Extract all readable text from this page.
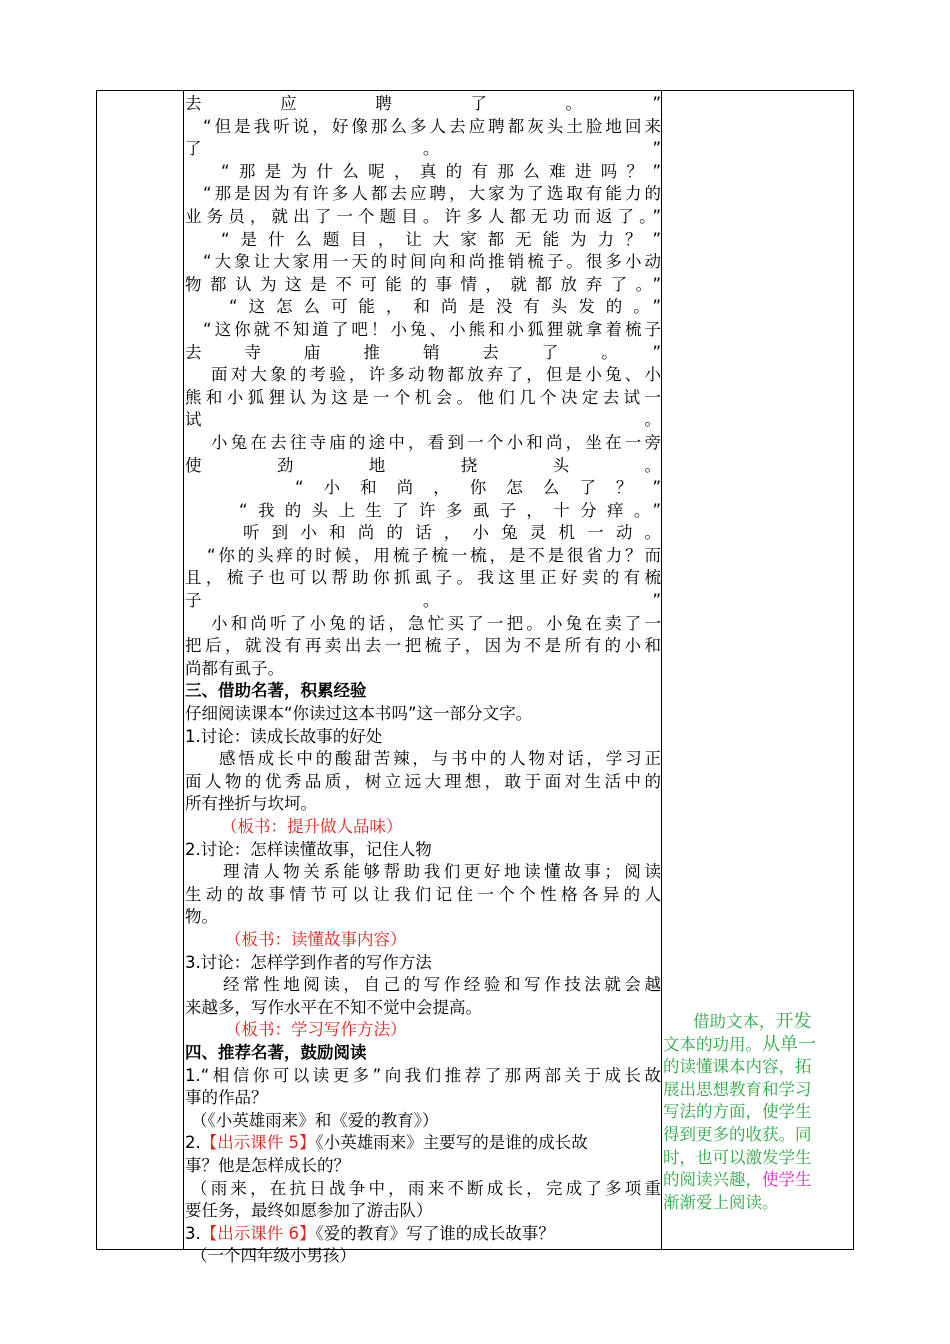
去应聘了。”
“但是我听说，好像那么多人去应聘都灰头土脸地回来
了。”
“那是为什么呢，真的有那么难进吗？”
“那是因为有许多人都去应聘，大家为了选取有能力的
业务员，就出了一个题目。许多人都无功而返了。”
“是什么题目，让大家都无能为力？”
“大象让大家用一天的时间向和尚推销梳子。很多小动
物都认为这是不可能的事情，就都放弃了。”
“这怎么可能，和尚是没有头发的。”
“这你就不知道了吧！小兔、小熊和小狐狸就拿着梳子
去寺庙推销去了。”
面对大象的考验，许多动物都放弃了，但是小兔、小
熊和小狐狸认为这是一个机会。他们几个决定去试一
试。
小兔在去往寺庙的途中，看到一个小和尚，坐在一旁
使劲地挠头。
“小和尚，你怎么了？”
“我的头上生了许多虱子，十分痒。”
听到小和尚的话，小兔灵机一动。
“你的头痒的时候，用梳子梳一梳，是不是很省力？而
且，梳子也可以帮助你抓虱子。我这里正好卖的有梳
子。”
小和尚听了小兔的话，急忙买了一把。小兔在卖了一
把后，就没有再卖出去一把梳子，因为不是所有的小和
尚都有虱子。
三、借助名著，积累经验
仔细阅读课本“你读过这本书吗”这一部分文字。
1.讨论：读成长故事的好处
感悟成长中的酸甜苦辣，与书中的人物对话，学习正
面人物的优秀品质，树立远大理想，敢于面对生活中的
所有挫折与坎坷。
（板书：提升做人品味）
2.讨论：怎样读懂故事，记住人物
理清人物关系能够帮助我们更好地读懂故事；阅读
生动的故事情节可以让我们记住一个个性格各异的人
物。
（板书：读懂故事内容）
3.讨论：怎样学到作者的写作方法
经常性地阅读，自己的写作经验和写作技法就会越
来越多，写作水平在不知不觉中会提高。
（板书：学习写作方法）
四、推荐名著，鼓励阅读
1.“相信你可以读更多”向我们推荐了那两部关于成长故
事的作品？
（《小英雄雨来》和《爱的教育》）
2.【出示课件 5】《小英雄雨来》主要写的是谁的成长故
事？他是怎样成长的？
（雨来，在抗日战争中，雨来不断成长，完成了多项重
要任务，最终如愿参加了游击队）
3.【出示课件 6】《爱的教育》写了谁的成长故事？
（一个四年级小男孩）
借助文本，开发
文本的功用。从单一
的读懂课本内容，拓
展出思想教育和学习
写法的方面，使学生
得到更多的收获。同
时，也可以激发学生
的阅读兴趣，使学生
渐渐爱上阅读。
